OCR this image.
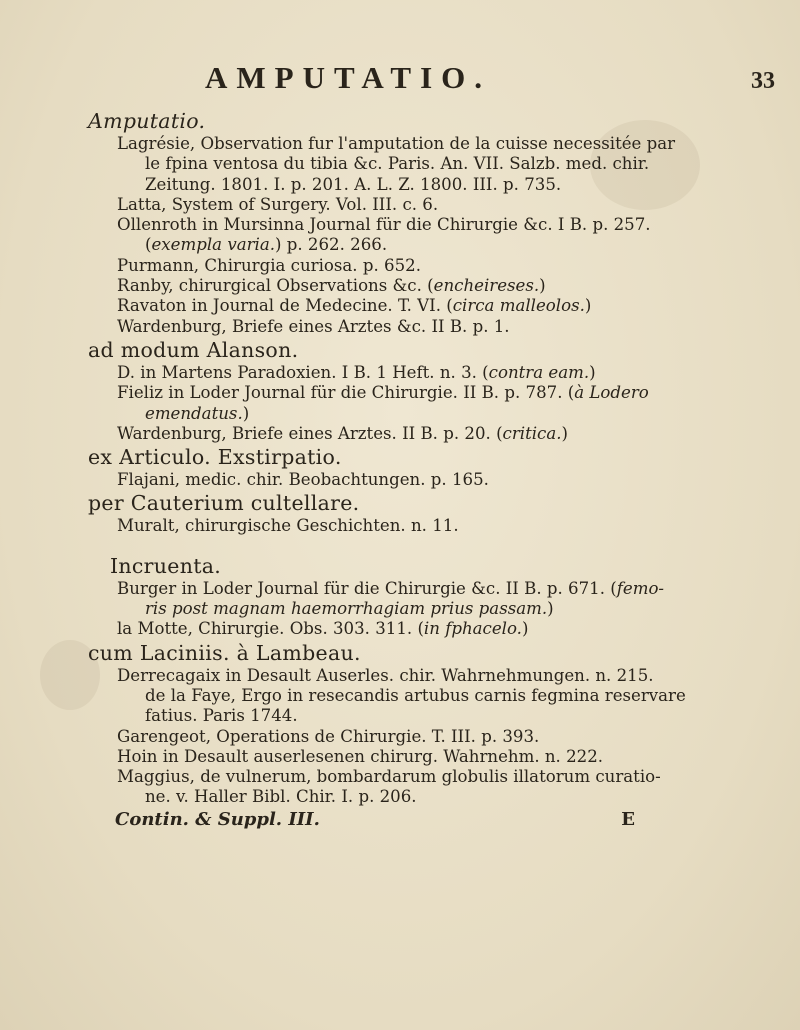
AMPUTATIO.	33
Amputatio.
Lagrésie, Observation fur l'amputation de la cuisse necessitée par
le fpina ventosa du tibia &c. Paris. An. VII. Salzb. med. chir.
Zeitung. 1801. I. p. 201. A. L. Z. 1800. III. p. 735.
Latta, System of Surgery. Vol. III. c. 6.
Ollenroth in Mursinna Journal für die Chirurgie &c. I B. p. 257.
(exempla varia.) p. 262. 266.
Purmann, Chirurgia curiosa. p. 652.
Ranby, chirurgical Observations &c. (encheireses.)
Ravaton in Journal de Medecine. T. VI. (circa malleolos.)
Wardenburg, Briefe eines Arztes &c. II B. p. 1.
ad modum Alanson.
D. in Martens Paradoxien. I B. 1 Heft. n. 3. (contra eam.)
Fieliz in Loder Journal für die Chirurgie. II B. p. 787. (à Lodero
emendatus.)
Wardenburg, Briefe eines Arztes. II B. p. 20. (critica.)
ex Articulo. Exstirpatio.
Flajani, medic. chir. Beobachtungen. p. 165.
per Cauterium cultellare.
Muralt, chirurgische Geschichten. n. 11.
Incruenta.
Burger in Loder Journal für die Chirurgie &c. II B. p. 671. (femo-
ris post magnam haemorrhagiam prius passam.)
la Motte, Chirurgie. Obs. 303. 311. (in fphacelo.)
cum Laciniis. à Lambeau.
Derrecagaix in Desault Auserles. chir. Wahrnehmungen. n. 215.
de la Faye, Ergo in resecandis artubus carnis fegmina reservare
fatius. Paris 1744.
Garengeot, Operations de Chirurgie. T. III. p. 393.
Hoin in Desault auserlesenen chirurg. Wahrnehm. n. 222.
Maggius, de vulnerum, bombardarum globulis illatorum curatio-
ne. v. Haller Bibl. Chir. I. p. 206.
Contin. & Suppl. III.	E
